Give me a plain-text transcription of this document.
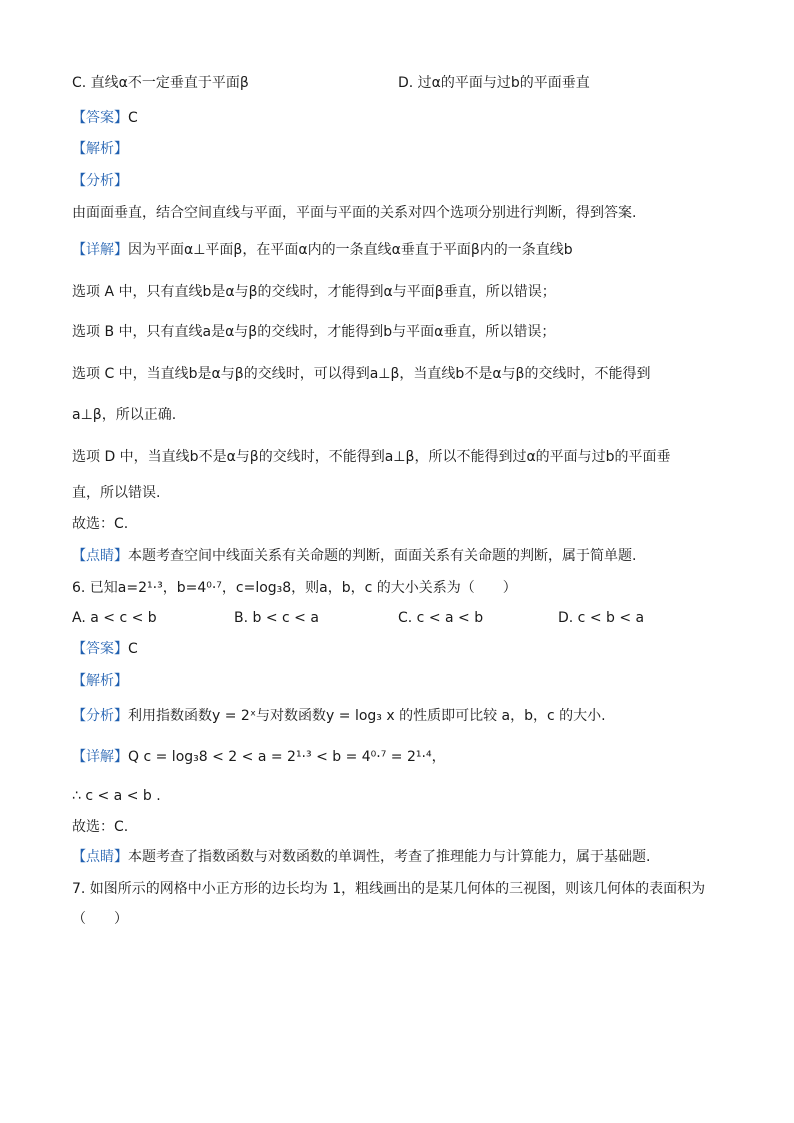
C. 直线α不一定垂直于平面β	D. 过α的平面与过b的平面垂直
【答案】C
【解析】
【分析】
由面面垂直，结合空间直线与平面，平面与平面的关系对四个选项分别进行判断，得到答案.
【详解】因为平面α⊥平面β，在平面α内的一条直线α垂直于平面β内的一条直线b
选项 A 中，只有直线b是α与β的交线时，才能得到α与平面β垂直，所以错误；
选项 B 中，只有直线a是α与β的交线时，才能得到b与平面α垂直，所以错误；
选项 C 中，当直线b是α与β的交线时，可以得到a⊥β，当直线b不是α与β的交线时，不能得到
a⊥β，所以正确.
选项 D 中，当直线b不是α与β的交线时，不能得到a⊥β，所以不能得到过α的平面与过b的平面垂
直，所以错误.
故选：C.
【点睛】本题考查空间中线面关系有关命题的判断，面面关系有关命题的判断，属于简单题.
6. 已知a=2¹·³，b=4⁰·⁷，c=log₃8，则a，b，c 的大小关系为（　　）
A. a < c < b	B. b < c < a	C. c < a < b	D. c < b < a
【答案】C
【解析】
【分析】利用指数函数y = 2ˣ与对数函数y = log₃ x 的性质即可比较 a，b，c 的大小.
【详解】Q c = log₃8 < 2 < a = 2¹·³ < b = 4⁰·⁷ = 2¹·⁴，
∴ c < a < b .
故选：C.
【点睛】本题考查了指数函数与对数函数的单调性，考查了推理能力与计算能力，属于基础题.
7. 如图所示的网格中小正方形的边长均为 1，粗线画出的是某几何体的三视图，则该几何体的表面积为
（　　）
